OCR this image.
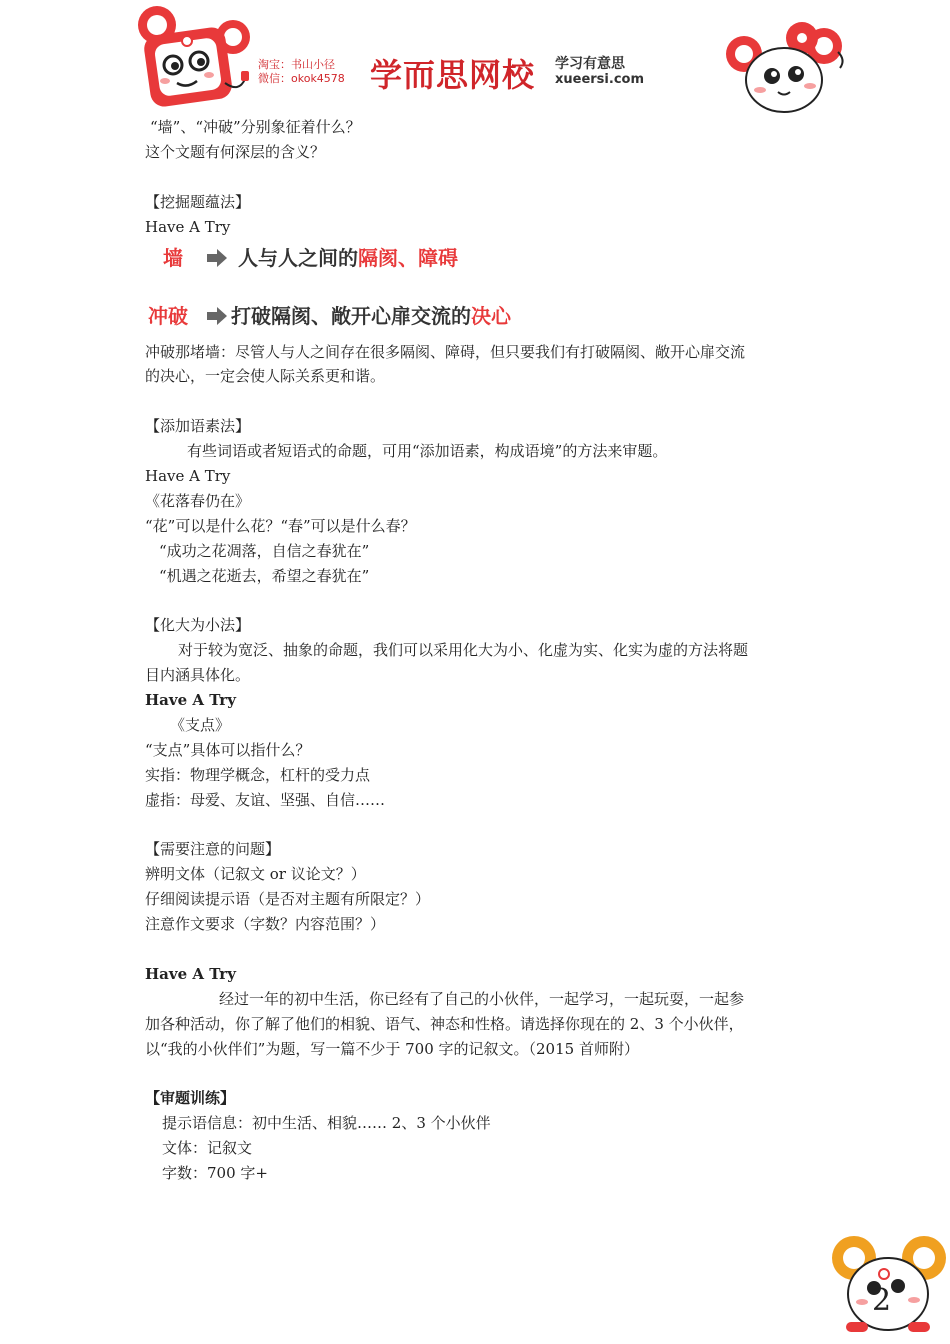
淘宝：书山小径
微信：okok4578 学而思网校 学习有意思
xueersi.com
“墙”、“冲破”分别象征着什么？
这个文题有何深层的含义？
【挖掘题蕴法】
Have A Try
墙	人与人之间的隔阂、障碍
冲破 打破隔阂、敞开心扉交流的决心
冲破那堵墙：尽管人与人之间存在很多隔阂、障碍，但只要我们有打破隔阂、敞开心扉交流
的决心，一定会使人际关系更和谐。
【添加语素法】
有些词语或者短语式的命题，可用“添加语素，构成语境”的方法来审题。
Have A Try
《花落春仍在》
“花”可以是什么花？“春”可以是什么春？
“成功之花凋落，自信之春犹在”
“机遇之花逝去，希望之春犹在”
【化大为小法】
对于较为宽泛、抽象的命题，我们可以采用化大为小、化虚为实、化实为虚的方法将题
目内涵具体化。
Have A Try
《支点》
“支点”具体可以指什么？
实指：物理学概念，杠杆的受力点
虚指：母爱、友谊、坚强、自信……
【需要注意的问题】
辨明文体（记叙文 or 议论文？）
仔细阅读提示语（是否对主题有所限定？）
注意作文要求（字数？内容范围？）
Have A Try
经过一年的初中生活，你已经有了自己的小伙伴，一起学习，一起玩耍，一起参
加各种活动，你了解了他们的相貌、语气、神态和性格。请选择你现在的 2、3 个小伙伴，
以“我的小伙伴们”为题，写一篇不少于 700 字的记叙文。（2015 首师附）
【审题训练】
提示语信息：初中生活、相貌…… 2、3 个小伙伴
文体：记叙文
字数：700 字+
2
